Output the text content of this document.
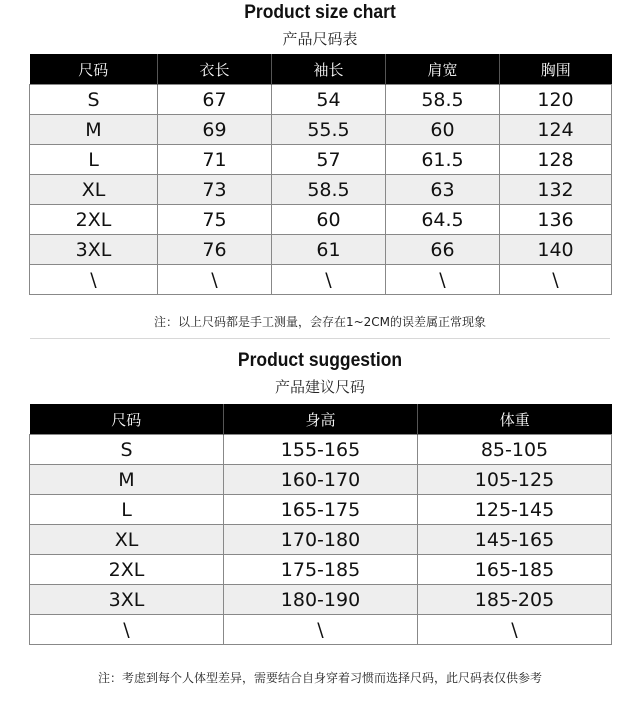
Product size chart
产品尺码表
尺码	衣长	袖长	肩宽	胸围
S	67	54	58.5	120
M	69	55.5	60	124
L	71	57	61.5	128
XL	73	58.5	63	132
2XL	75	60	64.5	136
3XL	76	61	66	140
\	\	\	\	\
注：以上尺码都是手工测量，会存在1~2CM的误差属正常现象
Product suggestion
产品建议尺码
尺码	身高	体重
S	155-165	85-105
M	160-170	105-125
L	165-175	125-145
XL	170-180	145-165
2XL	175-185	165-185
3XL	180-190	185-205
\	\	\
注：考虑到每个人体型差异，需要结合自身穿着习惯而选择尺码，此尺码表仅供参考
